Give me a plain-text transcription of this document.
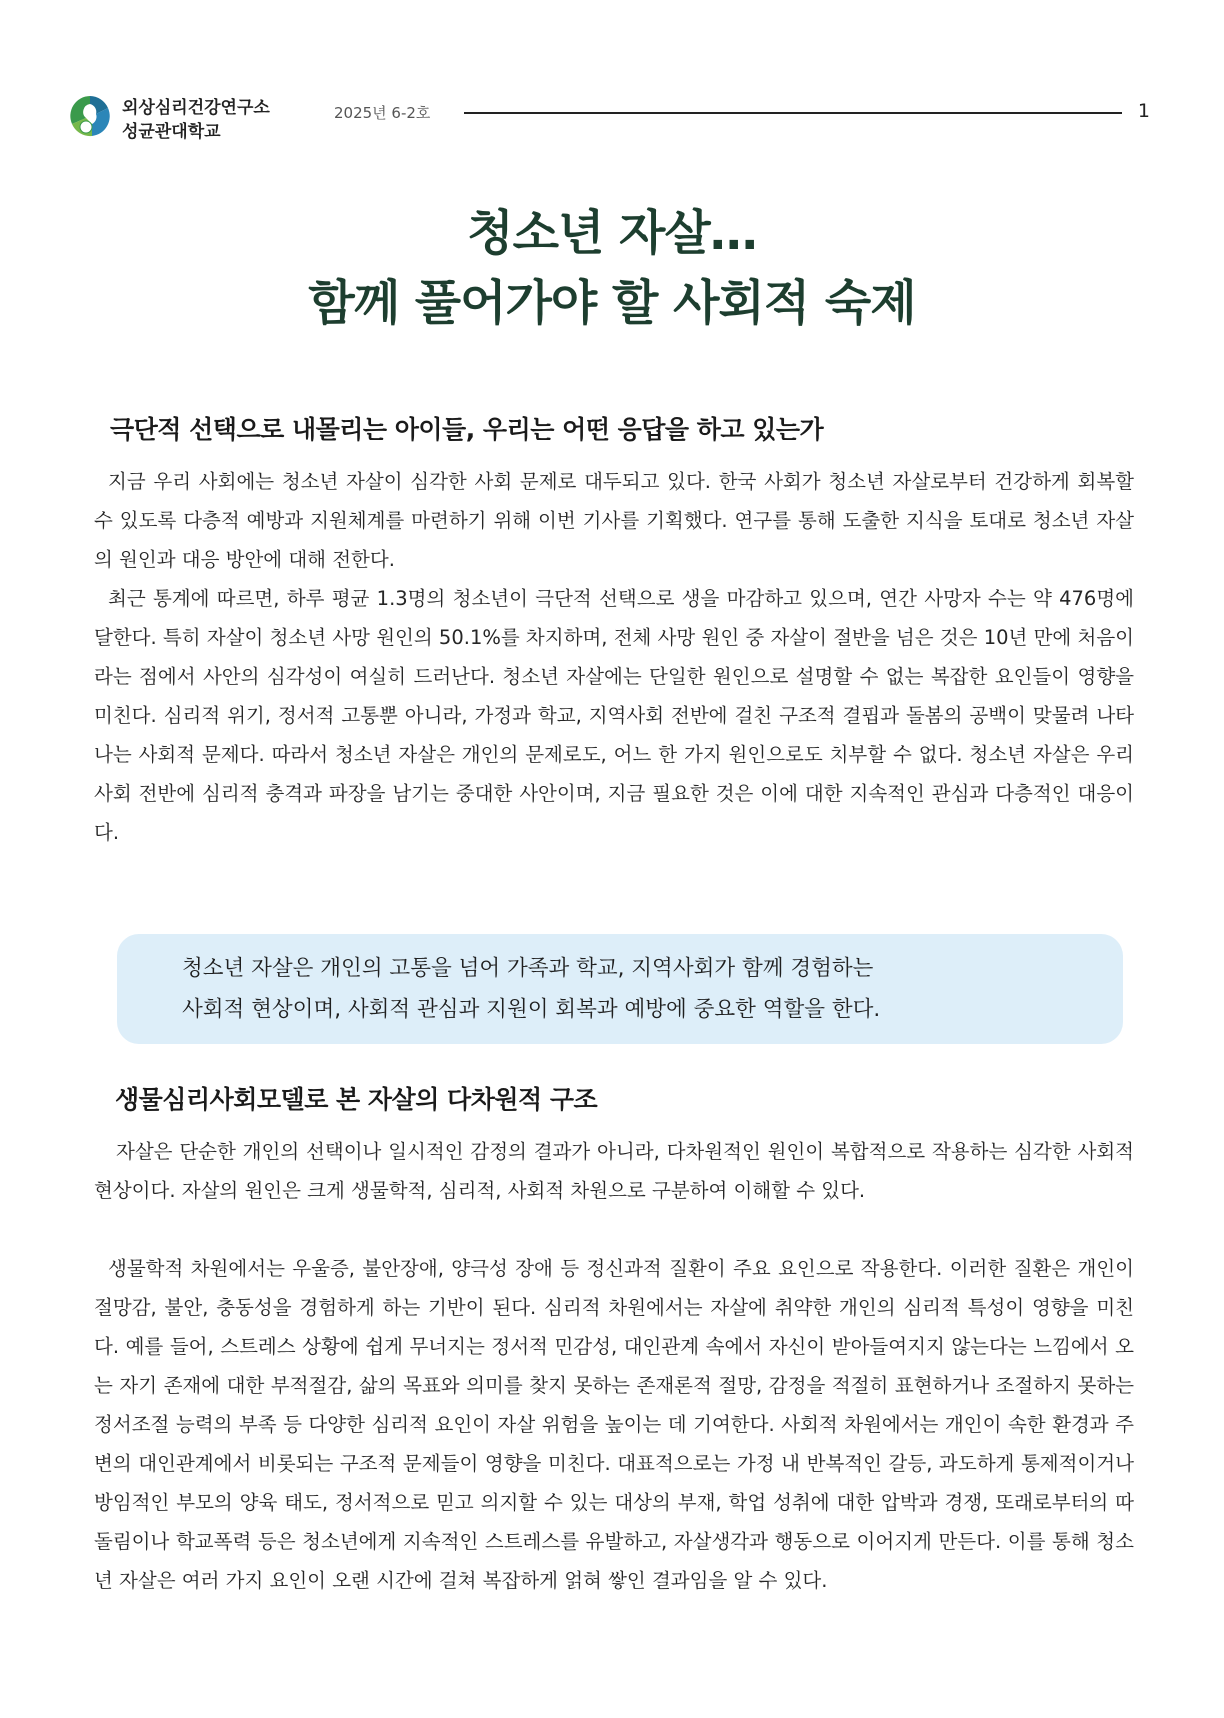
외상심리건강연구소
성균관대학교
2025년 6-2호	1
청소년 자살…
함께 풀어가야 할 사회적 숙제
극단적 선택으로 내몰리는 아이들, 우리는 어떤 응답을 하고 있는가

지금 우리 사회에는 청소년 자살이 심각한 사회 문제로 대두되고 있다. 한국 사회가 청소년 자살로부터 건강하게 회복할 수 있도록 다층적 예방과 지원체계를 마련하기 위해 이번 기사를 기획했다. 연구를 통해 도출한 지식을 토대로 청소년 자살의 원인과 대응 방안에 대해 전한다.

최근 통계에 따르면, 하루 평균 1.3명의 청소년이 극단적 선택으로 생을 마감하고 있으며, 연간 사망자 수는 약 476명에 달한다. 특히 자살이 청소년 사망 원인의 50.1%를 차지하며, 전체 사망 원인 중 자살이 절반을 넘은 것은 10년 만에 처음이라는 점에서 사안의 심각성이 여실히 드러난다. 청소년 자살에는 단일한 원인으로 설명할 수 없는 복잡한 요인들이 영향을 미친다. 심리적 위기, 정서적 고통뿐 아니라, 가정과 학교, 지역사회 전반에 걸친 구조적 결핍과 돌봄의 공백이 맞물려 나타나는 사회적 문제다. 따라서 청소년 자살은 개인의 문제로도, 어느 한 가지 원인으로도 치부할 수 없다. 청소년 자살은 우리 사회 전반에 심리적 충격과 파장을 남기는 중대한 사안이며, 지금 필요한 것은 이에 대한 지속적인 관심과 다층적인 대응이다.

청소년 자살은 개인의 고통을 넘어 가족과 학교, 지역사회가 함께 경험하는
사회적 현상이며, 사회적 관심과 지원이 회복과 예방에 중요한 역할을 한다.
생물심리사회모델로 본 자살의 다차원적 구조

자살은 단순한 개인의 선택이나 일시적인 감정의 결과가 아니라, 다차원적인 원인이 복합적으로 작용하는 심각한 사회적 현상이다. 자살의 원인은 크게 생물학적, 심리적, 사회적 차원으로 구분하여 이해할 수 있다.

생물학적 차원에서는 우울증, 불안장애, 양극성 장애 등 정신과적 질환이 주요 요인으로 작용한다. 이러한 질환은 개인이 절망감, 불안, 충동성을 경험하게 하는 기반이 된다. 심리적 차원에서는 자살에 취약한 개인의 심리적 특성이 영향을 미친다. 예를 들어, 스트레스 상황에 쉽게 무너지는 정서적 민감성, 대인관계 속에서 자신이 받아들여지지 않는다는 느낌에서 오는 자기 존재에 대한 부적절감, 삶의 목표와 의미를 찾지 못하는 존재론적 절망, 감정을 적절히 표현하거나 조절하지 못하는 정서조절 능력의 부족 등 다양한 심리적 요인이 자살 위험을 높이는 데 기여한다. 사회적 차원에서는 개인이 속한 환경과 주변의 대인관계에서 비롯되는 구조적 문제들이 영향을 미친다. 대표적으로는 가정 내 반복적인 갈등, 과도하게 통제적이거나 방임적인 부모의 양육 태도, 정서적으로 믿고 의지할 수 있는 대상의 부재, 학업 성취에 대한 압박과 경쟁, 또래로부터의 따돌림이나 학교폭력 등은 청소년에게 지속적인 스트레스를 유발하고, 자살생각과 행동으로 이어지게 만든다. 이를 통해 청소년 자살은 여러 가지 요인이 오랜 시간에 걸쳐 복잡하게 얽혀 쌓인 결과임을 알 수 있다.
